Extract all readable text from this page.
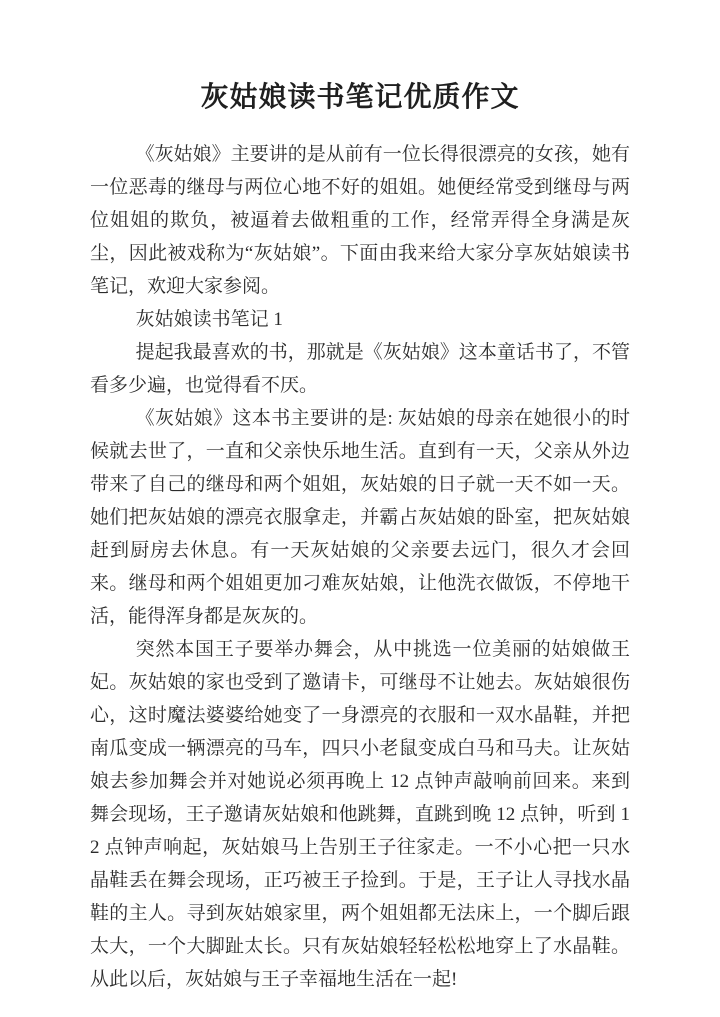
灰姑娘读书笔记优质作文

《灰姑娘》主要讲的是从前有一位长得很漂亮的女孩，她有一位恶毒的继母与两位心地不好的姐姐。她便经常受到继母与两位姐姐的欺负，被逼着去做粗重的工作，经常弄得全身满是灰尘，因此被戏称为“灰姑娘”。下面由我来给大家分享灰姑娘读书笔记，欢迎大家参阅。

灰姑娘读书笔记 1

提起我最喜欢的书，那就是《灰姑娘》这本童话书了，不管看多少遍，也觉得看不厌。

《灰姑娘》这本书主要讲的是: 灰姑娘的母亲在她很小的时候就去世了，一直和父亲快乐地生活。直到有一天，父亲从外边带来了自己的继母和两个姐姐，灰姑娘的日子就一天不如一天。她们把灰姑娘的漂亮衣服拿走，并霸占灰姑娘的卧室，把灰姑娘赶到厨房去休息。有一天灰姑娘的父亲要去远门，很久才会回来。继母和两个姐姐更加刁难灰姑娘，让他洗衣做饭，不停地干活，能得浑身都是灰灰的。

突然本国王子要举办舞会，从中挑选一位美丽的姑娘做王妃。灰姑娘的家也受到了邀请卡，可继母不让她去。灰姑娘很伤心，这时魔法婆婆给她变了一身漂亮的衣服和一双水晶鞋，并把南瓜变成一辆漂亮的马车，四只小老鼠变成白马和马夫。让灰姑娘去参加舞会并对她说必须再晚上 12 点钟声敲响前回来。来到舞会现场，王子邀请灰姑娘和他跳舞，直跳到晚 12 点钟，听到 12 点钟声响起，灰姑娘马上告别王子往家走。一不小心把一只水晶鞋丢在舞会现场，正巧被王子捡到。于是，王子让人寻找水晶鞋的主人。寻到灰姑娘家里，两个姐姐都无法床上，一个脚后跟太大，一个大脚趾太长。只有灰姑娘轻轻松松地穿上了水晶鞋。从此以后，灰姑娘与王子幸福地生活在一起!
